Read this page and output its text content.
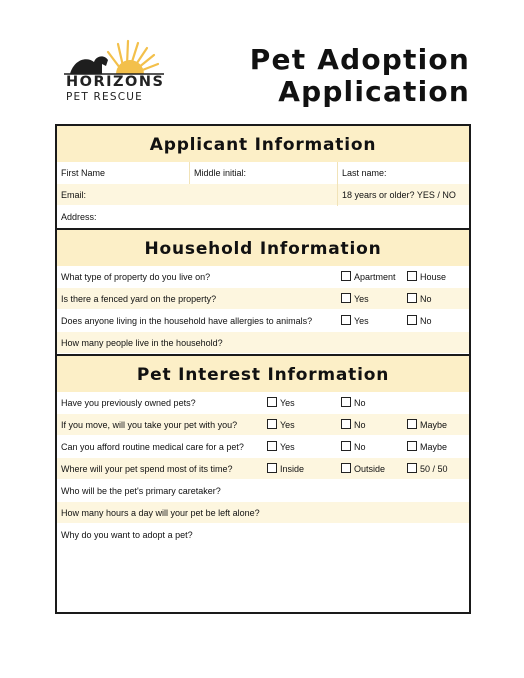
HORIZONS
PET RESCUE
Pet Adoption
Application
Applicant Information
First Name	Middle initial:	Last name:
Email:	18 years or older? YES / NO
Address:
Household Information
What type of property do you live on?	Apartment	House
Is there a fenced yard on the property?	Yes	No
Does anyone living in the household have allergies to animals?	Yes	No
How many people live in the household?
Pet Interest Information
Have you previously owned pets?	Yes	No
If you move, will you take your pet with you?	Yes	No	Maybe
Can you afford routine medical care for a pet?	Yes	No	Maybe
Where will your pet spend most of its time?	Inside	Outside	50 / 50
Who will be the pet's primary caretaker?
How many hours a day will your pet be left alone?
Why do you want to adopt a pet?
